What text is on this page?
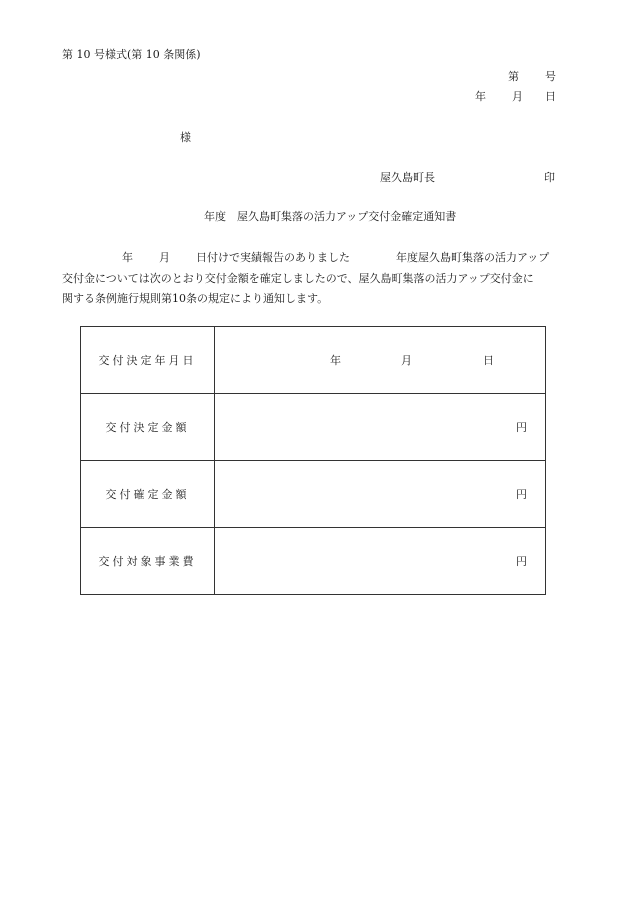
第 10 号様式(第 10 条関係)
第 号
年 月 日
様
屋久島町長	印
年度　屋久島町集落の活力アップ交付金確定通知書
年 月 日付けで実績報告のありました	年度屋久島町集落の活力アップ
交付金については次のとおり交付金額を確定しましたので、屋久島町集落の活力アップ交付金に
関する条例施行規則第10条の規定により通知します。
交付決定年月日	年 月 日

交付決定金額	円

交付確定金額	円

交付対象事業費	円
